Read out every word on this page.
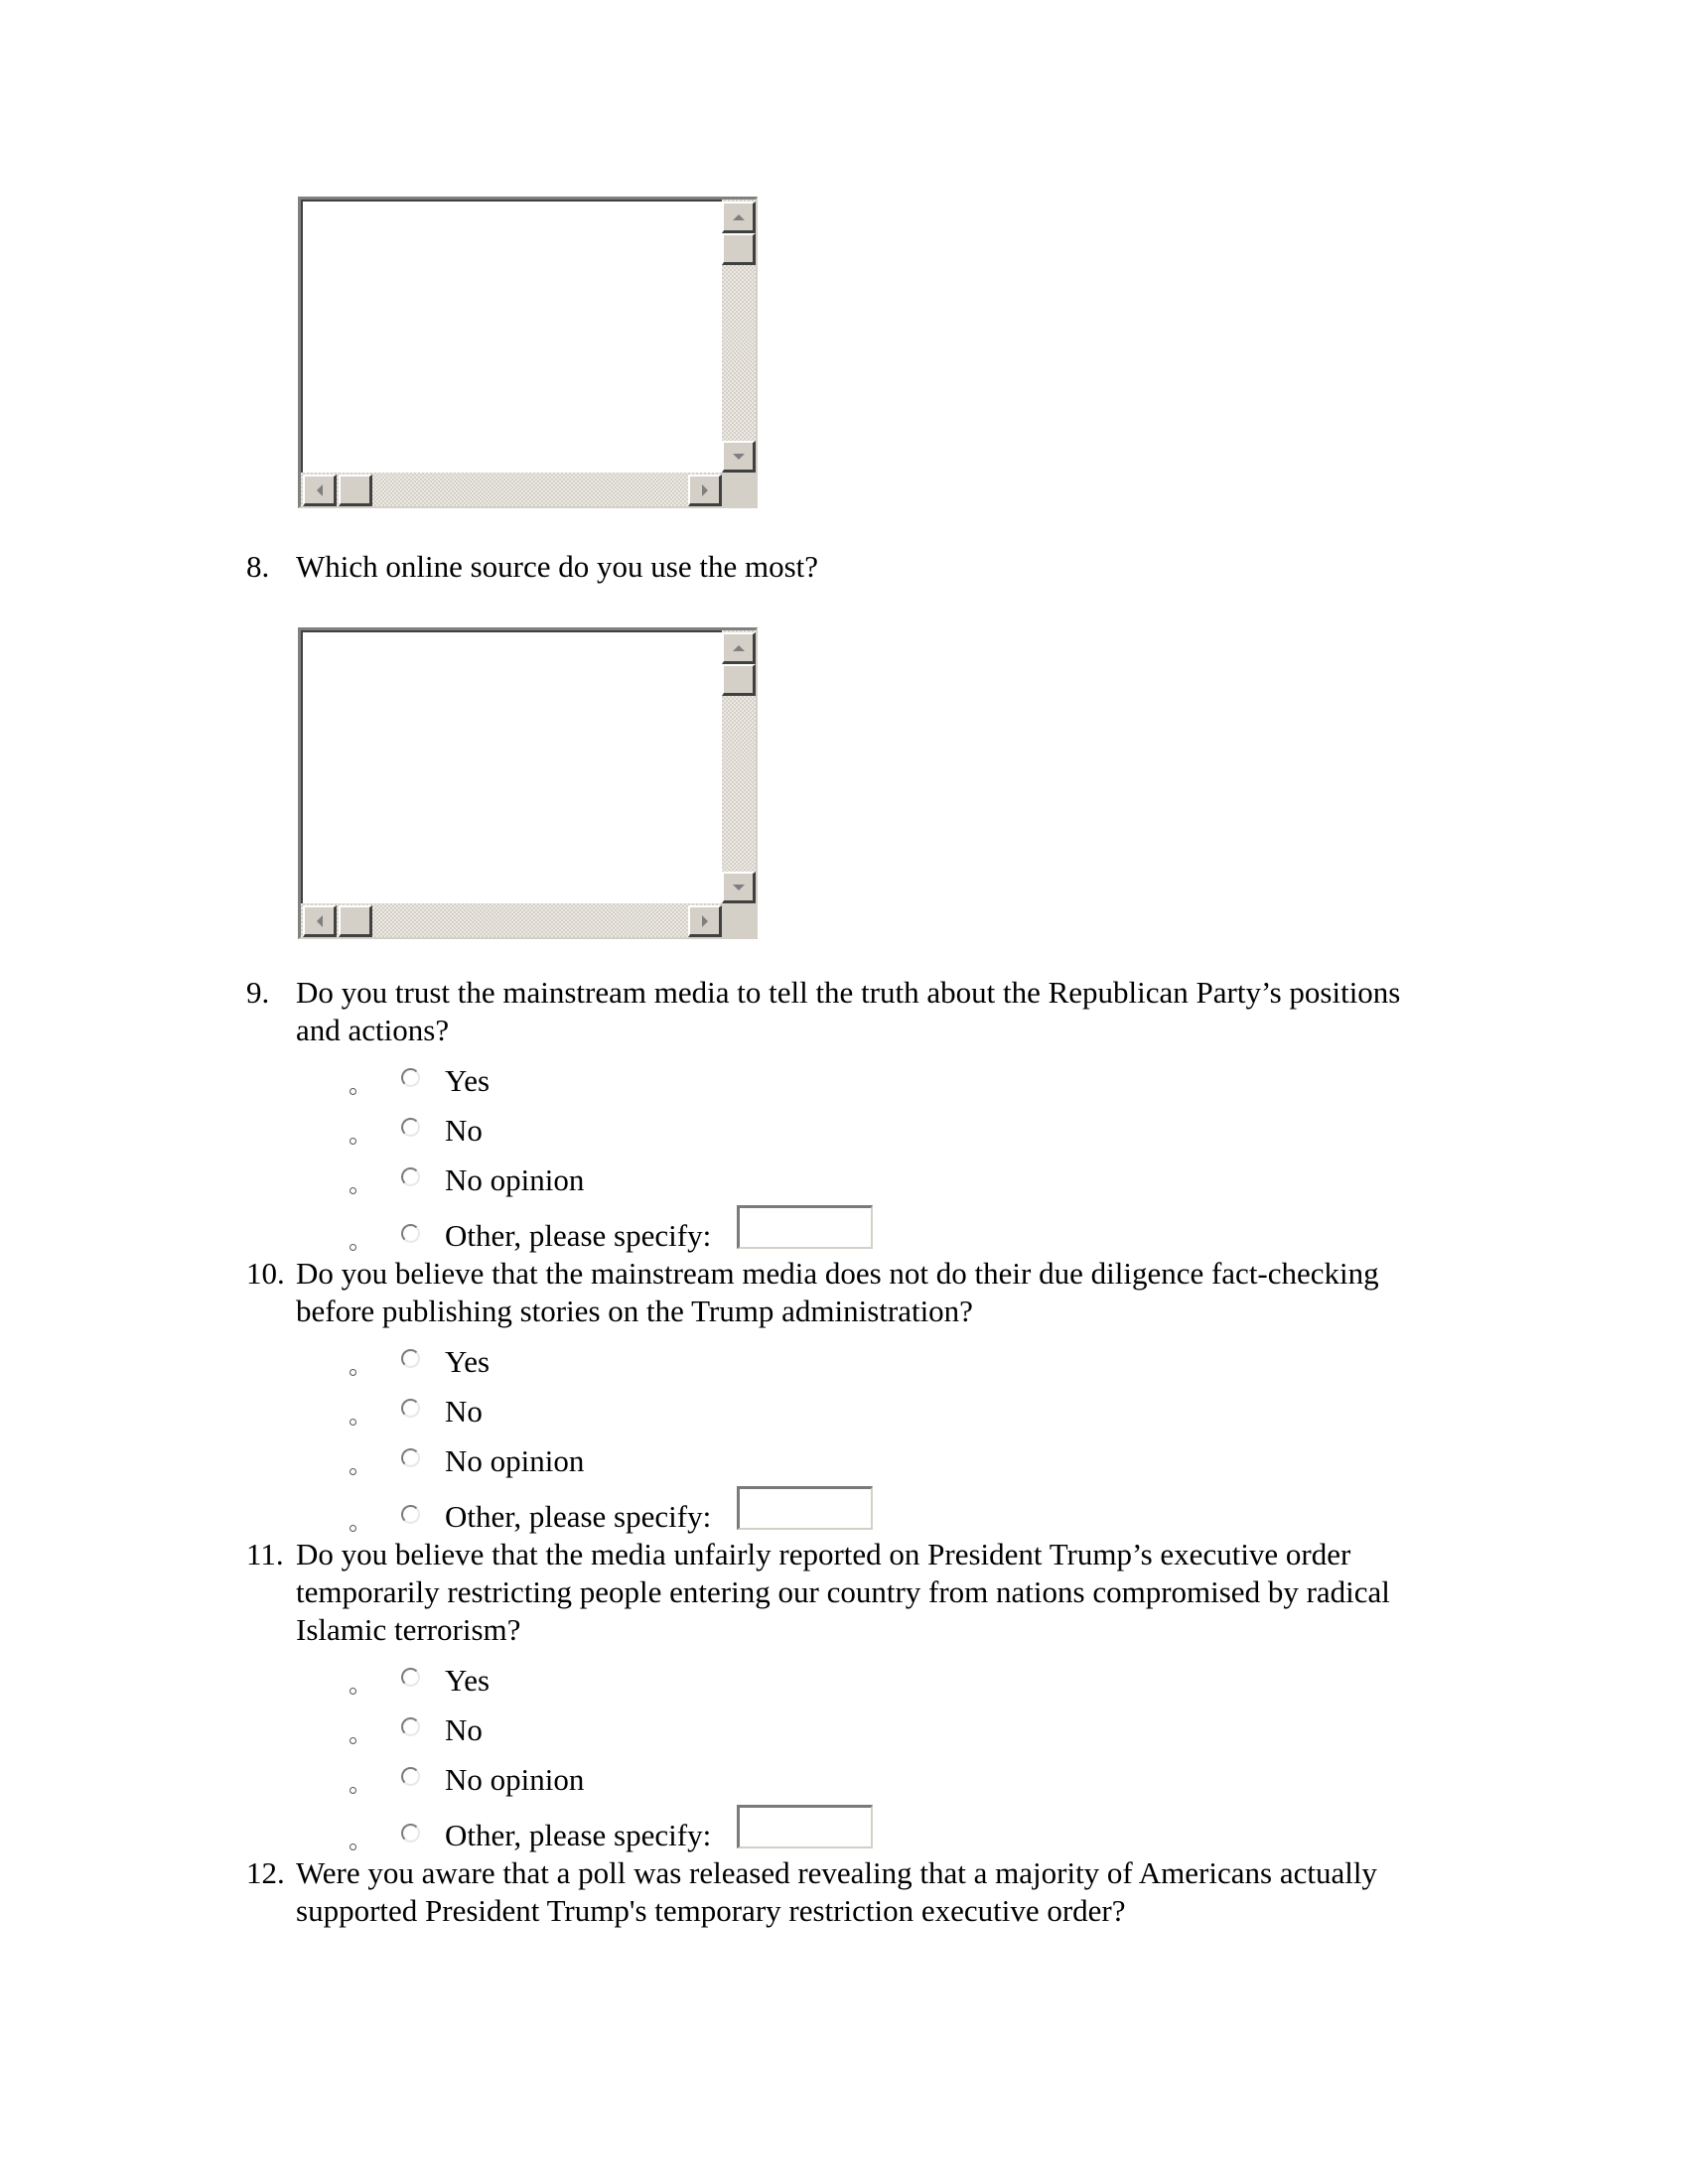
8. Which online source do you use the most?
9. Do you trust the mainstream media to tell the truth about the Republican Party’s positions
and actions?
Yes
No
No opinion
Other, please specify:
10. Do you believe that the mainstream media does not do their due diligence fact-checking
before publishing stories on the Trump administration?
Yes
No
No opinion
Other, please specify:
11. Do you believe that the media unfairly reported on President Trump’s executive order
temporarily restricting people entering our country from nations compromised by radical
Islamic terrorism?
Yes
No
No opinion
Other, please specify:
12. Were you aware that a poll was released revealing that a majority of Americans actually
supported President Trump's temporary restriction executive order?
